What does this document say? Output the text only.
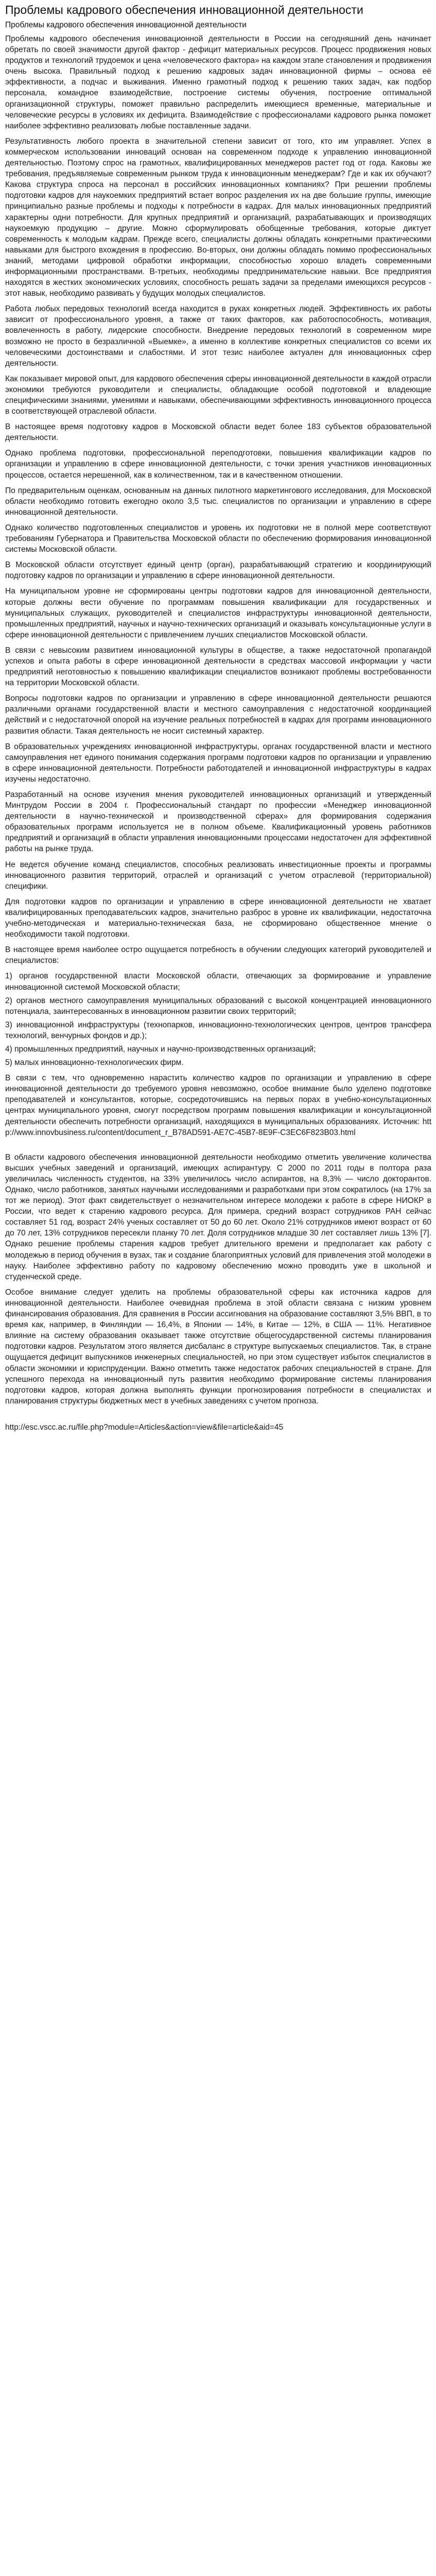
Проблемы кадрового обеспечения инновационной деятельности
Проблемы кадрового обеспечения инновационной деятельности

Проблемы кадрового обеспечения инновационной деятельности в России на сегодняшний день начинает обретать по своей значимости другой фактор - дефицит материальных ресурсов. Процесс продвижения новых продуктов и технологий трудоемок и цена «человеческого фактора» на каждом этапе становления и продвижения очень высока. Правильный подход к решению кадровых задач инновационной фирмы – основа её эффективности, а подчас и выживания. Именно грамотный подход к решению таких задач, как подбор персонала, командное взаимодействие, построение системы обучения, построение оптимальной организационной структуры, поможет правильно распределить имеющиеся временные, материальные и человеческие ресурсы в условиях их дефицита. Взаимодействие с профессионалами кадрового рынка поможет наиболее эффективно реализовать любые поставленные задачи.

Результативность любого проекта в значительной степени зависит от того, кто им управляет. Успех в коммерческом использовании инноваций основан на современном подходе к управлению инновационной деятельностью. Поэтому спрос на грамотных, квалифицированных менеджеров растет год от года. Каковы же требования, предъявляемые современным рынком труда к инновационным менеджерам? Где и как их обучают? Какова структура спроса на персонал в российских инновационных компаниях? При решении проблемы подготовки кадров для наукоемких предприятий встает вопрос разделения их на две большие группы, имеющие принципиально разные проблемы и подходы к потребности в кадрах. Для малых инновационных предприятий характерны одни потребности. Для крупных предприятий и организаций, разрабатывающих и производящих наукоемкую продукцию – другие. Можно сформулировать обобщенные требования, которые диктует современность к молодым кадрам. Прежде всего, специалисты должны обладать конкретными практическими навыками для быстрого вхождения в профессию. Во-вторых, они должны обладать помимо профессиональных знаний, методами цифровой обработки информации, способностью хорошо владеть современными информационными пространствами. В-третьих, необходимы предпринимательские навыки. Все предприятия находятся в жестких экономических условиях, способность решать задачи за пределами имеющихся ресурсов - этот навык, необходимо развивать у будущих молодых специалистов.

Работа любых передовых технологий всегда находится в руках конкретных людей. Эффективность их работы зависит от профессионального уровня, а также от таких факторов, как работоспособность, мотивация, вовлеченность в работу, лидерские способности. Внедрение передовых технологий в современном мире возможно не просто в безразличной «Выемке», а именно в коллективе конкретных специалистов со всеми их человеческими достоинствами и слабостями. И этот тезис наиболее актуален для инновационных сфер деятельности.

Как показывает мировой опыт, для кардового обеспечения сферы инновационной деятельности в каждой отрасли экономики требуются руководители и специалисты, обладающие особой подготовкой и владеющие специфическими знаниями, умениями и навыками, обеспечивающими эффективность инновационного процесса в соответствующей отраслевой области.

В настоящее время подготовку кадров в Московской области ведет более 183 субъектов образовательной деятельности.

Однако проблема подготовки, профессиональной переподготовки, повышения квалификации кадров по организации и управлению в сфере инновационной деятельности, с точки зрения участников инновационных процессов, остается нерешенной, как в количественном, так и в качественном отношении.

По предварительным оценкам, основанным на данных пилотного маркетингового исследования, для Московской области необходимо готовить ежегодно около 3,5 тыс. специалистов по организации и управлению в сфере инновационной деятельности.

Однако количество подготовленных специалистов и уровень их подготовки не в полной мере соответствуют требованиям Губернатора и Правительства Московской области по обеспечению формирования инновационной системы Московской области.

В Московской области отсутствует единый центр (орган), разрабатывающий стратегию и координирующий подготовку кадров по организации и управлению в сфере инновационной деятельности.

На муниципальном уровне не сформированы центры подготовки кадров для инновационной деятельности, которые должны вести обучение по программам повышения квалификации для государственных и муниципальных служащих, руководителей и специалистов инфраструктуры инновационной деятельности, промышленных предприятий, научных и научно-технических организаций и оказывать консультационные услуги в сфере инновационной деятельности с привлечением лучших специалистов Московской области.

В связи с невысоким развитием инновационной культуры в обществе, а также недостаточной пропагандой успехов и опыта работы в сфере инновационной деятельности в средствах массовой информации у части предприятий неготовностью к повышению квалификации специалистов возникают проблемы востребованности на территории Московской области.

Вопросы подготовки кадров по организации и управлению в сфере инновационной деятельности решаются различными органами государственной власти и местного самоуправления с недостаточной координацией действий и с недостаточной опорой на изучение реальных потребностей в кадрах для программ инновационного развития области. Такая деятельность не носит системный характер.

В образовательных учреждениях инновационной инфраструктуры, органах государственной власти и местного самоуправления нет единого понимания содержания программ подготовки кадров по организации и управлению в сфере инновационной деятельности. Потребности работодателей и инновационной инфраструктуры в кадрах изучены недостаточно.

Разработанный на основе изучения мнения руководителей инновационных организаций и утвержденный Минтрудом России в 2004 г. Профессиональный стандарт по профессии «Менеджер инновационной деятельности в научно-технической и производственной сферах» для формирования содержания образовательных программ используется не в полном объеме. Квалификационный уровень работников предприятий и организаций в области управления инновационными процессами недостаточен для эффективной работы на рынке труда.

Не ведется обучение команд специалистов, способных реализовать инвестиционные проекты и программы инновационного развития территорий, отраслей и организаций с учетом отраслевой (территориальной) специфики.

Для подготовки кадров по организации и управлению в сфере инновационной деятельности не хватает квалифицированных преподавательских кадров, значительно разброс в уровне их квалификации, недостаточна учебно-методическая и материально-техническая база, не сформировано общественное мнение о необходимости такой подготовки.

В настоящее время наиболее остро ощущается потребность в обучении следующих категорий руководителей и специалистов:

1) органов государственной власти Московской области, отвечающих за формирование и управление инновационной системой Московской области;

2) органов местного самоуправления муниципальных образований с высокой концентрацией инновационного потенциала, заинтересованных в инновационном развитии своих территорий;

3) инновационной инфраструктуры (технопарков, инновационно-технологических центров, центров трансфера технологий, венчурных фондов и др.);

4) промышленных предприятий, научных и научно-производственных организаций;

5) малых инновационно-технологических фирм.

В связи с тем, что одновременно нарастить количество кадров по организации и управлению в сфере инновационной деятельности до требуемого уровня невозможно, особое внимание было уделено подготовке преподавателей и консультантов, которые, сосредоточившись на первых порах в учебно-консультационных центрах муниципального уровня, смогут посредством программ повышения квалификации и консультационной деятельности обеспечить потребности организаций, находящихся в муниципальных образованиях. Источник: http://www.innovbusiness.ru/content/document_r_B78AD591-AE7C-45B7-8E9F-C3EC6F823B03.html

В области кадрового обеспечения инновационной деятельности необходимо отметить увеличение количества высших учебных заведений и организаций, имеющих аспирантуру. С 2000 по 2011 годы в полтора раза увеличилась численность студентов, на 33% увеличилось число аспирантов, на 8,3% — число докторантов. Однако, число работников, занятых научными исследованиями и разработками при этом сократилось (на 17% за тот же период). Этот факт свидетельствует о незначительном интересе молодежи к работе в сфере НИОКР в России, что ведет к старению кадрового ресурса. Для примера, средний возраст сотрудников РАН сейчас составляет 51 год, возраст 24% ученых составляет от 50 до 60 лет. Около 21% сотрудников имеют возраст от 60 до 70 лет, 13% сотрудников пересекли планку 70 лет. Доля сотрудников младше 30 лет составляет лишь 13% [7]. Однако решение проблемы старения кадров требует длительного времени и предполагает как работу с молодежью в период обучения в вузах, так и создание благоприятных условий для привлечения этой молодежи в науку. Наиболее эффективно работу по кадровому обеспечению можно проводить уже в школьной и студенческой среде.

Особое внимание следует уделить на проблемы образовательной сферы как источника кадров для инновационной деятельности. Наиболее очевидная проблема в этой области связана с низким уровнем финансирования образования. Для сравнения в России ассигнования на образование составляют 3,5% ВВП, в то время как, например, в Финляндии — 16,4%, в Японии — 14%, в Китае — 12%, в США — 11%. Негативное влияние на систему образования оказывает также отсутствие общегосударственной системы планирования подготовки кадров. Результатом этого является дисбаланс в структуре выпускаемых специалистов. Так, в стране ощущается дефицит выпускников инженерных специальностей, но при этом существует избыток специалистов в области экономики и юриспруденции. Важно отметить также недостаток рабочих специальностей в стране. Для успешного перехода на инновационный путь развития необходимо формирование системы планирования подготовки кадров, которая должна выполнять функции прогнозирования потребности в специалистах и планирования структуры бюджетных мест в учебных заведениях с учетом прогноза.

http://esc.vscc.ac.ru/file.php?module=Articles&action=view&file=article&aid=45
